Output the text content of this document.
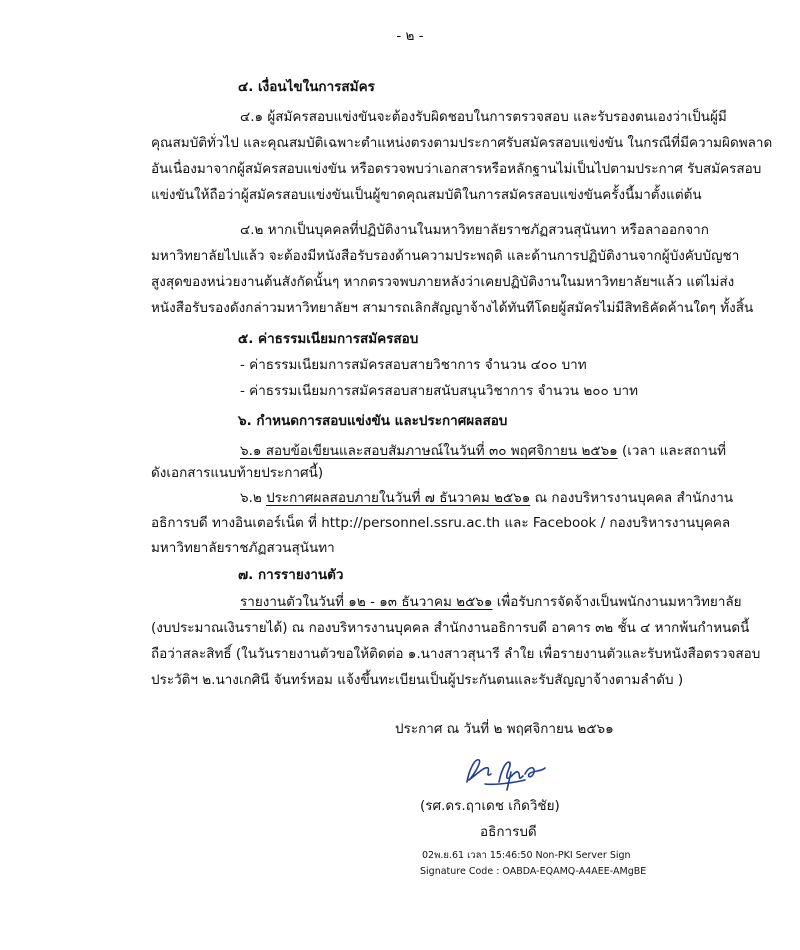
- ๒ -
๔. เงื่อนไขในการสมัคร
๔.๑ ผู้สมัครสอบแข่งขันจะต้องรับผิดชอบในการตรวจสอบ และรับรองตนเองว่าเป็นผู้มี
คุณสมบัติทั่วไป และคุณสมบัติเฉพาะตำแหน่งตรงตามประกาศรับสมัครสอบแข่งขัน ในกรณีที่มีความผิดพลาด
อันเนื่องมาจากผู้สมัครสอบแข่งขัน หรือตรวจพบว่าเอกสารหรือหลักฐานไม่เป็นไปตามประกาศ รับสมัครสอบ
แข่งขันให้ถือว่าผู้สมัครสอบแข่งขันเป็นผู้ขาดคุณสมบัติในการสมัครสอบแข่งขันครั้งนี้มาตั้งแต่ต้น
๔.๒ หากเป็นบุคคลที่ปฏิบัติงานในมหาวิทยาลัยราชภัฏสวนสุนันทา หรือลาออกจาก
มหาวิทยาลัยไปแล้ว จะต้องมีหนังสือรับรองด้านความประพฤติ และด้านการปฏิบัติงานจากผู้บังคับบัญชา
สูงสุดของหน่วยงานต้นสังกัดนั้นๆ หากตรวจพบภายหลังว่าเคยปฏิบัติงานในมหาวิทยาลัยฯแล้ว แต่ไม่ส่ง
หนังสือรับรองดังกล่าวมหาวิทยาลัยฯ สามารถเลิกสัญญาจ้างได้ทันทีโดยผู้สมัครไม่มีสิทธิคัดค้านใดๆ ทั้งสิ้น
๕. ค่าธรรมเนียมการสมัครสอบ
- ค่าธรรมเนียมการสมัครสอบสายวิชาการ จำนวน ๔๐๐ บาท
- ค่าธรรมเนียมการสมัครสอบสายสนับสนุนวิชาการ จำนวน ๒๐๐ บาท
๖. กำหนดการสอบแข่งขัน และประกาศผลสอบ
๖.๑ สอบข้อเขียนและสอบสัมภาษณ์ในวันที่ ๓๐ พฤศจิกายน ๒๕๖๑ (เวลา และสถานที่
ดังเอกสารแนบท้ายประกาศนี้)
๖.๒ ประกาศผลสอบภายในวันที่ ๗ ธันวาคม ๒๕๖๑ ณ กองบริหารงานบุคคล สำนักงาน
อธิการบดี ทางอินเตอร์เน็ต ที่ http://personnel.ssru.ac.th และ Facebook / กองบริหารงานบุคคล
มหาวิทยาลัยราชภัฏสวนสุนันทา
๗. การรายงานตัว
รายงานตัวในวันที่ ๑๒ - ๑๓ ธันวาคม ๒๕๖๑ เพื่อรับการจัดจ้างเป็นพนักงานมหาวิทยาลัย
(งบประมาณเงินรายได้) ณ กองบริหารงานบุคคล สำนักงานอธิการบดี อาคาร ๓๒ ชั้น ๔ หากพ้นกำหนดนี้
ถือว่าสละสิทธิ์ (ในวันรายงานตัวขอให้ติดต่อ ๑.นางสาวสุนารี ลำใย เพื่อรายงานตัวและรับหนังสือตรวจสอบ
ประวัติฯ ๒.นางเกศินี จันทร์หอม แจ้งขึ้นทะเบียนเป็นผู้ประกันตนและรับสัญญาจ้างตามลำดับ )
ประกาศ ณ วันที่ ๒ พฤศจิกายน ๒๕๖๑
(รศ.ดร.ฤาเดช เกิดวิชัย)
อธิการบดี
02พ.ย.61 เวลา 15:46:50 Non-PKI Server Sign
Signature Code : OABDA-EQAMQ-A4AEE-AMgBE
